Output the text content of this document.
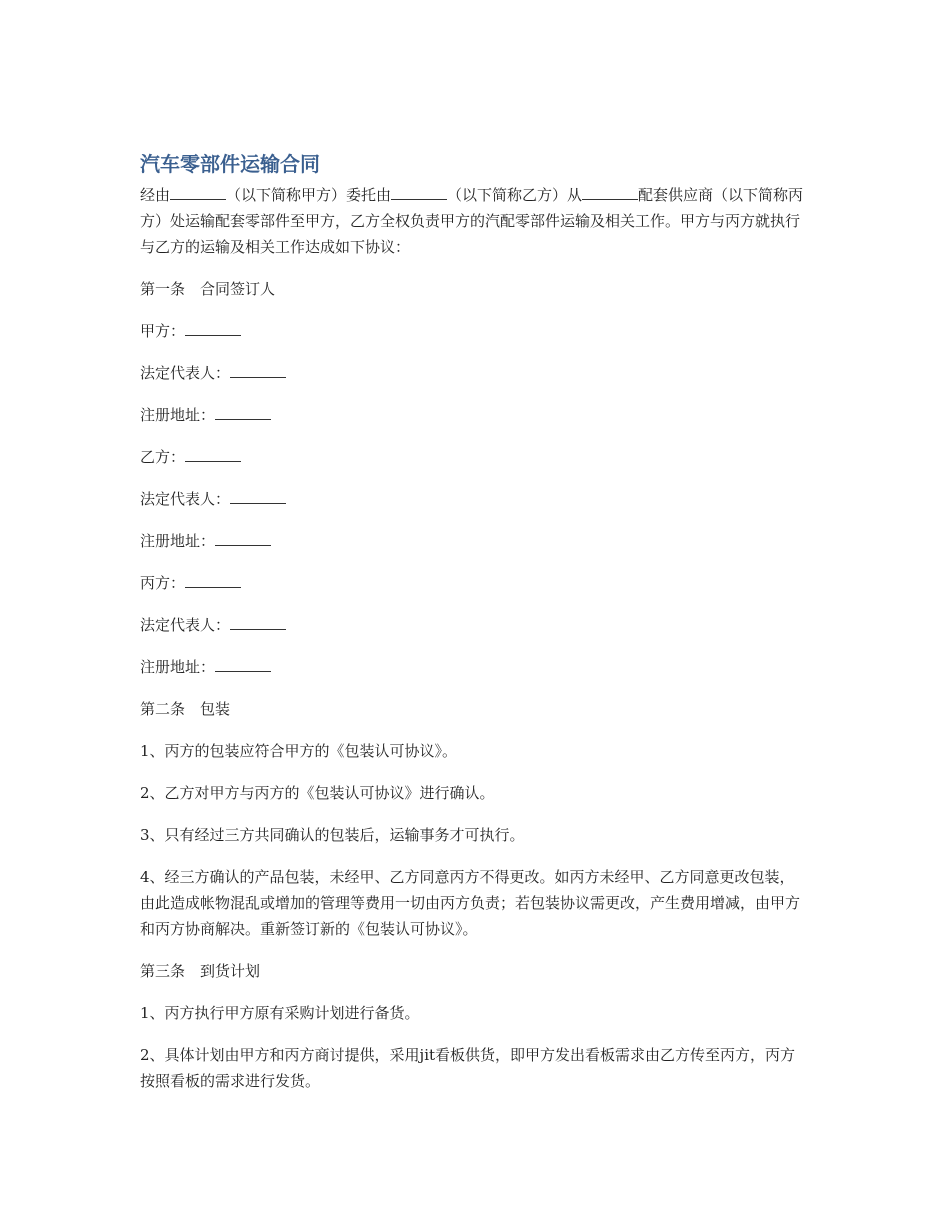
汽车零部件运输合同

经由	（以下简称甲方）委托由	（以下简称乙方）从	配套供应商（以下简称丙方）处运输配套零部件至甲方，乙方全权负责甲方的汽配零部件运输及相关工作。甲方与丙方就执行与乙方的运输及相关工作达成如下协议：

第一条　合同签订人

甲方：

法定代表人：

注册地址：

乙方：

法定代表人：

注册地址：

丙方：

法定代表人：

注册地址：

第二条　包装

1、丙方的包装应符合甲方的《包装认可协议》。

2、乙方对甲方与丙方的《包装认可协议》进行确认。

3、只有经过三方共同确认的包装后，运输事务才可执行。

4、经三方确认的产品包装，未经甲、乙方同意丙方不得更改。如丙方未经甲、乙方同意更改包装，由此造成帐物混乱或增加的管理等费用一切由丙方负责；若包装协议需更改，产生费用增减，由甲方和丙方协商解决。重新签订新的《包装认可协议》。

第三条　到货计划

1、丙方执行甲方原有采购计划进行备货。

2、具体计划由甲方和丙方商讨提供，采用jit看板供货，即甲方发出看板需求由乙方传至丙方，丙方按照看板的需求进行发货。
